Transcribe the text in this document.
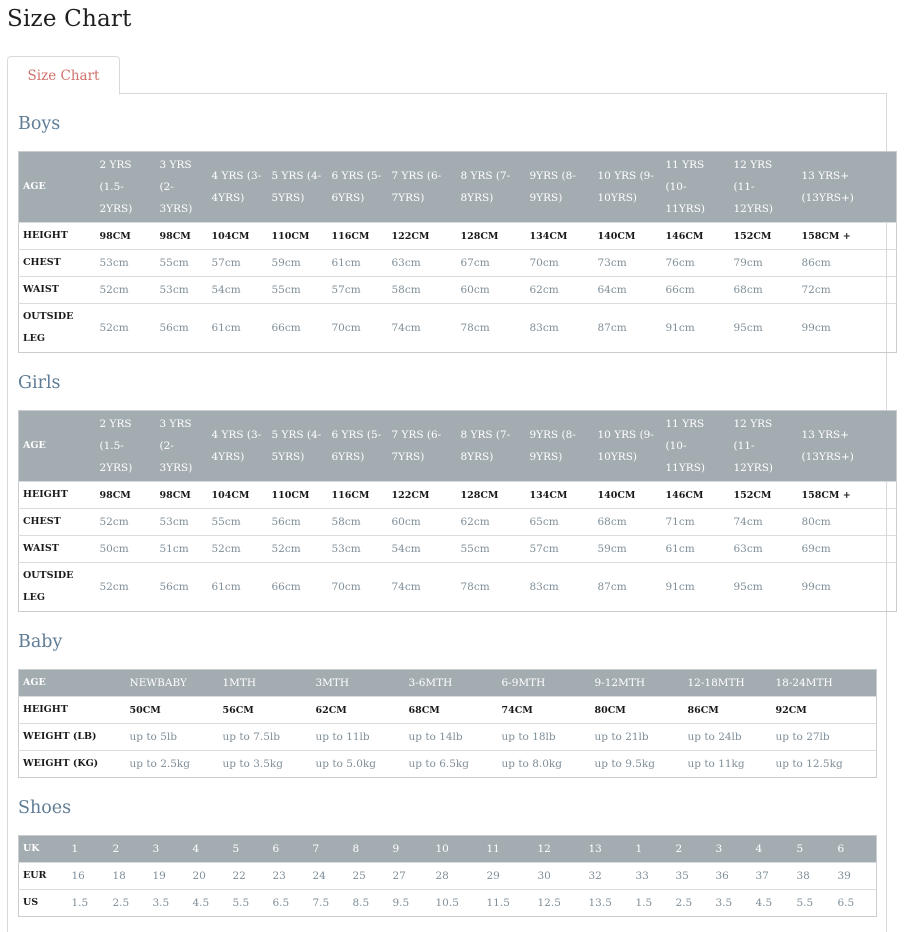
Size Chart
Size Chart
Boys
AGE	2 YRS (1.5-2YRS)	3 YRS (2-3YRS)	4 YRS (3-4YRS)	5 YRS (4-5YRS)	6 YRS (5-6YRS)	7 YRS (6-7YRS)	8 YRS (7-8YRS)	9YRS (8-9YRS)	10 YRS (9-10YRS)	11 YRS (10-11YRS)	12 YRS (11-12YRS)	13 YRS+ (13YRS+)
HEIGHT	98CM	98CM	104CM	110CM	116CM	122CM	128CM	134CM	140CM	146CM	152CM	158CM +
CHEST	53cm	55cm	57cm	59cm	61cm	63cm	67cm	70cm	73cm	76cm	79cm	86cm
WAIST	52cm	53cm	54cm	55cm	57cm	58cm	60cm	62cm	64cm	66cm	68cm	72cm
OUTSIDE LEG	52cm	56cm	61cm	66cm	70cm	74cm	78cm	83cm	87cm	91cm	95cm	99cm
Girls
AGE	2 YRS (1.5-2YRS)	3 YRS (2-3YRS)	4 YRS (3-4YRS)	5 YRS (4-5YRS)	6 YRS (5-6YRS)	7 YRS (6-7YRS)	8 YRS (7-8YRS)	9YRS (8-9YRS)	10 YRS (9-10YRS)	11 YRS (10-11YRS)	12 YRS (11-12YRS)	13 YRS+ (13YRS+)
HEIGHT	98CM	98CM	104CM	110CM	116CM	122CM	128CM	134CM	140CM	146CM	152CM	158CM +
CHEST	52cm	53cm	55cm	56cm	58cm	60cm	62cm	65cm	68cm	71cm	74cm	80cm
WAIST	50cm	51cm	52cm	52cm	53cm	54cm	55cm	57cm	59cm	61cm	63cm	69cm
OUTSIDE LEG	52cm	56cm	61cm	66cm	70cm	74cm	78cm	83cm	87cm	91cm	95cm	99cm
Baby
AGE	NEWBABY	1MTH	3MTH	3-6MTH	6-9MTH	9-12MTH	12-18MTH	18-24MTH
HEIGHT	50CM	56CM	62CM	68CM	74CM	80CM	86CM	92CM
WEIGHT (LB)	up to 5lb	up to 7.5lb	up to 11lb	up to 14lb	up to 18lb	up to 21lb	up to 24lb	up to 27lb
WEIGHT (KG)	up to 2.5kg	up to 3.5kg	up to 5.0kg	up to 6.5kg	up to 8.0kg	up to 9.5kg	up to 11kg	up to 12.5kg
Shoes
UK	1	2	3	4	5	6	7	8	9	10	11	12	13	1	2	3	4	5	6
EUR	16	18	19	20	22	23	24	25	27	28	29	30	32	33	35	36	37	38	39
US	1.5	2.5	3.5	4.5	5.5	6.5	7.5	8.5	9.5	10.5	11.5	12.5	13.5	1.5	2.5	3.5	4.5	5.5	6.5
